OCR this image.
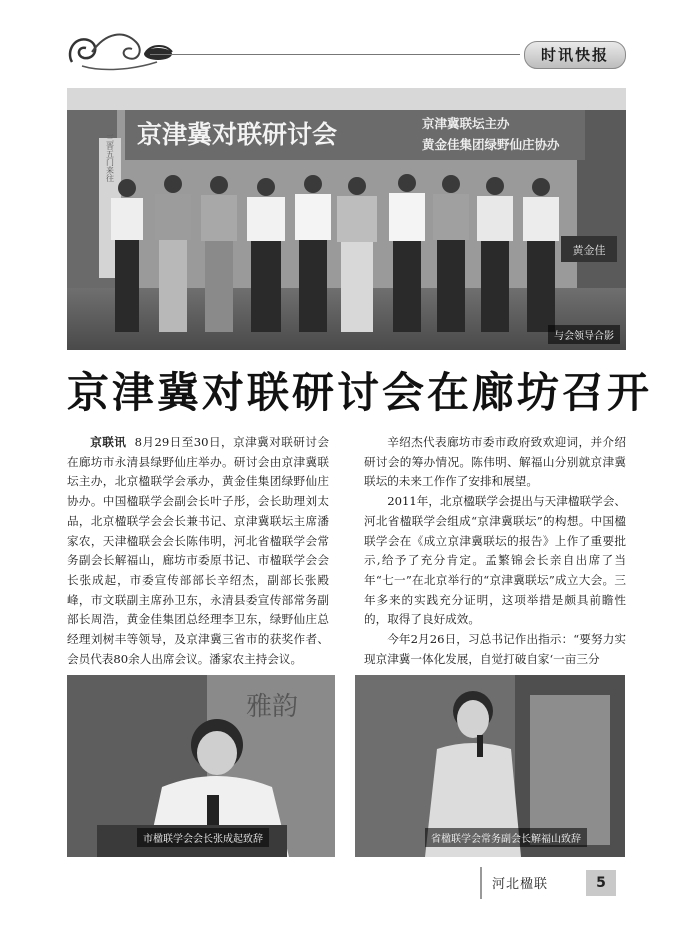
时讯快报
京津冀对联研讨会	京津冀联坛主办
黄金佳集团绿野仙庄协办
三晋五门来往
黄金佳
与会领导合影
京津冀对联研讨会在廊坊召开

京联讯 8月29日至30日，京津冀对联研讨会在廊坊市永清县绿野仙庄举办。研讨会由京津冀联坛主办，北京楹联学会承办，黄金佳集团绿野仙庄协办。中国楹联学会副会长叶子彤，会长助理刘太品，北京楹联学会会长兼书记、京津冀联坛主席潘家农，天津楹联会会长陈伟明，河北省楹联学会常务副会长解福山，廊坊市委原书记、市楹联学会会长张成起，市委宣传部部长辛绍杰，副部长张殿峰，市文联副主席孙卫东，永清县委宣传部常务副部长周浩，黄金佳集团总经理李卫东，绿野仙庄总经理刘树丰等领导，及京津冀三省市的获奖作者、会员代表80余人出席会议。潘家农主持会议。

辛绍杰代表廊坊市委市政府致欢迎词，并介绍研讨会的筹办情况。陈伟明、解福山分别就京津冀联坛的未来工作作了安排和展望。

2011年，北京楹联学会提出与天津楹联学会、河北省楹联学会组成“京津冀联坛”的构想。中国楹联学会在《成立京津冀联坛的报告》上作了重要批示,给予了充分肯定。孟繁锦会长亲自出席了当年“七一”在北京举行的“京津冀联坛”成立大会。三年多来的实践充分证明，这项举措是颇具前瞻性的，取得了良好成效。

今年2月26日，习总书记作出指示：“要努力实现京津冀一体化发展，自觉打破自家‘一亩三分

雅韵
市楹联学会会长张成起致辞	省楹联学会常务副会长解福山致辞
河北楹联	5
